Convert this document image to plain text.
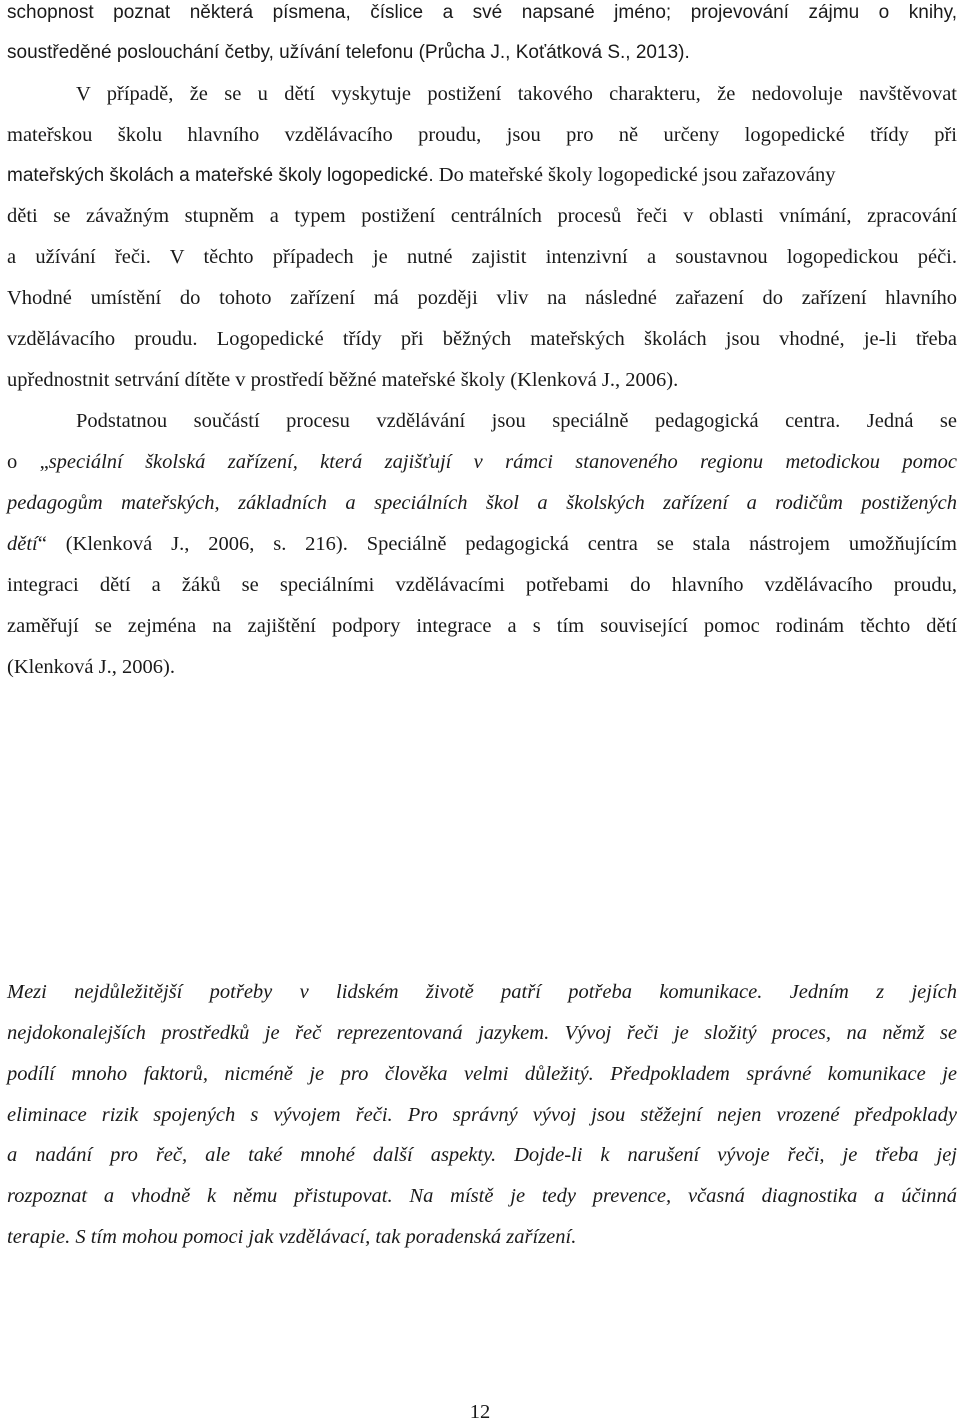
schopnost poznat některá písmena, číslice a své napsané jméno; projevování zájmu o knihy,
soustředěné poslouchání četby, užívání telefonu (Průcha J., Koťátková S., 2013).
V případě, že se u dětí vyskytuje postižení takového charakteru, že nedovoluje navštěvovat
mateřskou školu hlavního vzdělávacího proudu, jsou pro ně určeny logopedické třídy při
mateřských školách a mateřské školy logopedické. Do mateřské školy logopedické jsou zařazovány
děti se závažným stupněm a typem postižení centrálních procesů řeči v oblasti vnímání, zpracování
a užívání řeči. V těchto případech je nutné zajistit intenzivní a soustavnou logopedickou péči.
Vhodné umístění do tohoto zařízení má později vliv na následné zařazení do zařízení hlavního
vzdělávacího proudu. Logopedické třídy při běžných mateřských školách jsou vhodné, je-li třeba
upřednostnit setrvání dítěte v prostředí běžné mateřské školy (Klenková J., 2006).
Podstatnou součástí procesu vzdělávání jsou speciálně pedagogická centra. Jedná se
o „speciální školská zařízení, která zajišťují v rámci stanoveného regionu metodickou pomoc
pedagogům mateřských, základních a speciálních škol a školských zařízení a rodičům postižených
dětí“ (Klenková J., 2006, s. 216). Speciálně pedagogická centra se stala nástrojem umožňujícím
integraci dětí a žáků se speciálními vzdělávacími potřebami do hlavního vzdělávacího proudu,
zaměřují se zejména na zajištění podpory integrace a s tím související pomoc rodinám těchto dětí
(Klenková J., 2006).
Mezi nejdůležitější potřeby v lidském životě patří potřeba komunikace. Jedním z jejích
nejdokonalejších prostředků je řeč reprezentovaná jazykem. Vývoj řeči je složitý proces, na němž se
podílí mnoho faktorů, nicméně je pro člověka velmi důležitý. Předpokladem správné komunikace je
eliminace rizik spojených s vývojem řeči. Pro správný vývoj jsou stěžejní nejen vrozené předpoklady
a nadání pro řeč, ale také mnohé další aspekty. Dojde-li k narušení vývoje řeči, je třeba jej
rozpoznat a vhodně k němu přistupovat. Na místě je tedy prevence, včasná diagnostika a účinná
terapie. S tím mohou pomoci jak vzdělávací, tak poradenská zařízení.
12
